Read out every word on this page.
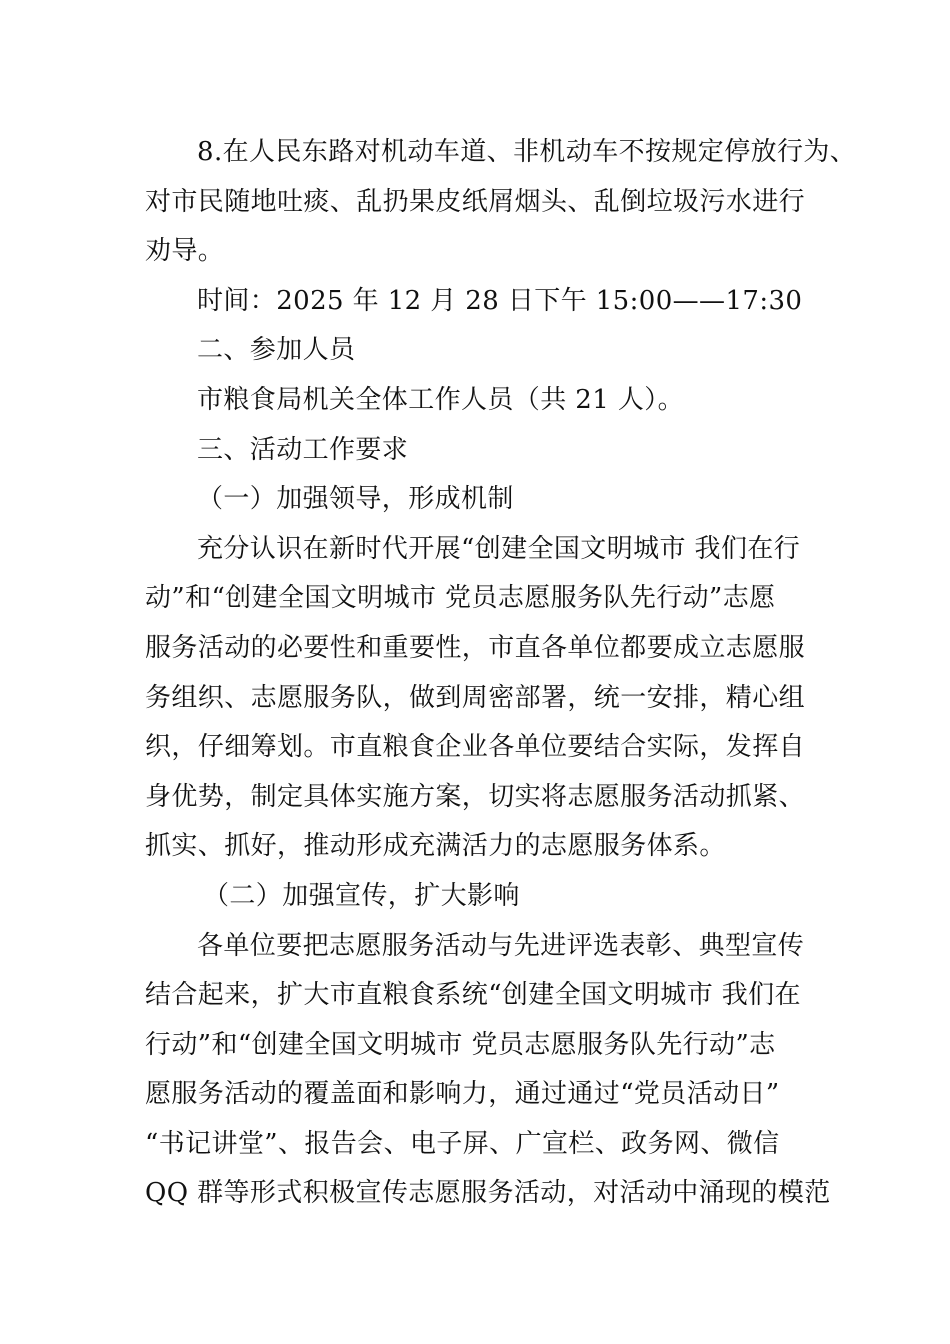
8.在人民东路对机动车道、非机动车不按规定停放行为、
对市民随地吐痰、乱扔果皮纸屑烟头、乱倒垃圾污水进行
劝导。

时间：2025 年 12 月 28 日下午 15:00——17:30

二、参加人员

市粮食局机关全体工作人员（共 21 人）。

三、活动工作要求

（一）加强领导，形成机制

充分认识在新时代开展“创建全国文明城市 我们在行
动”和“创建全国文明城市 党员志愿服务队先行动”志愿
服务活动的必要性和重要性，市直各单位都要成立志愿服
务组织、志愿服务队，做到周密部署，统一安排，精心组
织，仔细筹划。市直粮食企业各单位要结合实际，发挥自
身优势，制定具体实施方案，切实将志愿服务活动抓紧、
抓实、抓好，推动形成充满活力的志愿服务体系。

（二）加强宣传，扩大影响

各单位要把志愿服务活动与先进评选表彰、典型宣传
结合起来，扩大市直粮食系统“创建全国文明城市 我们在
行动”和“创建全国文明城市 党员志愿服务队先行动”志
愿服务活动的覆盖面和影响力，通过通过“党员活动日”
“书记讲堂”、报告会、电子屏、广宣栏、政务网、微信
QQ 群等形式积极宣传志愿服务活动，对活动中涌现的模范
